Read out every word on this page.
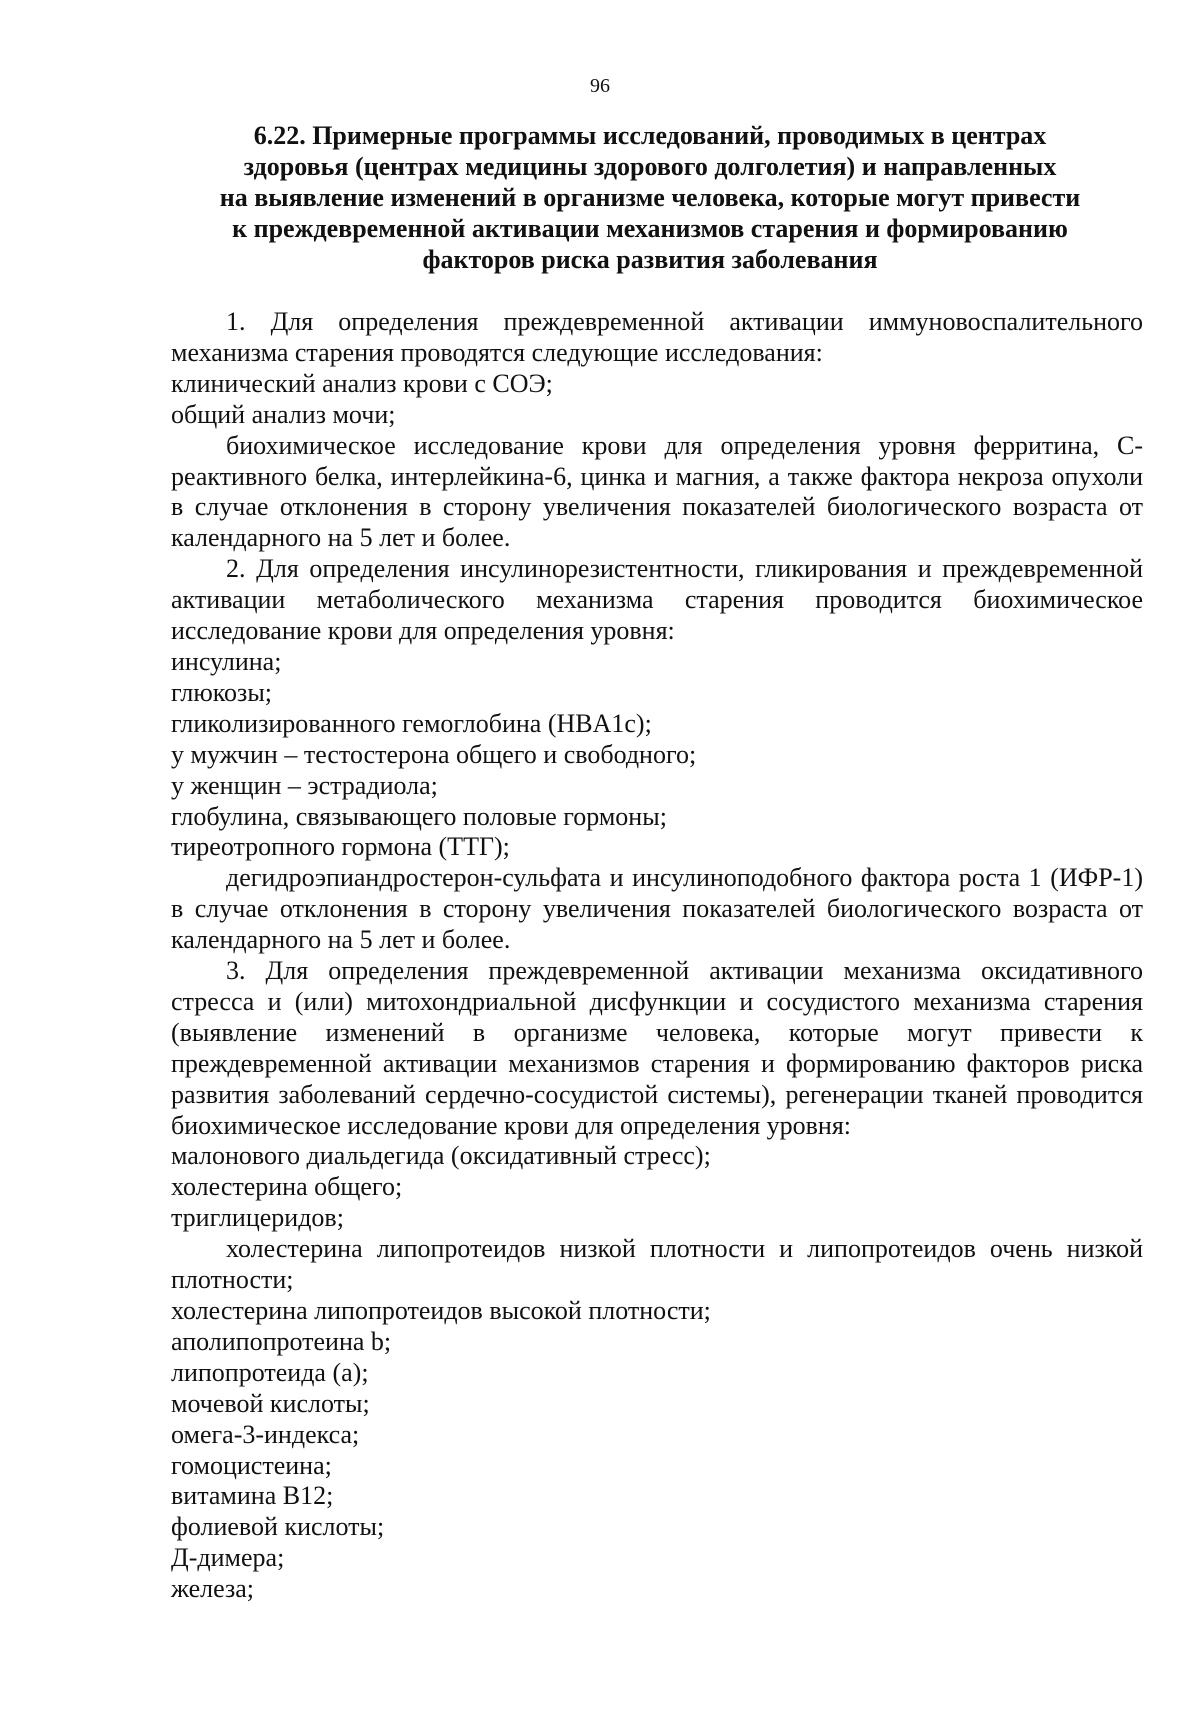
96
6.22. Примерные программы исследований, проводимых в центрах
здоровья (центрах медицины здорового долголетия) и направленных
на выявление изменений в организме человека, которые могут привести
к преждевременной активации механизмов старения и формированию
факторов риска развития заболевания

1. Для определения преждевременной активации иммуновоспалительного механизма старения проводятся следующие исследования:

клинический анализ крови с СОЭ;

общий анализ мочи;

биохимическое исследование крови для определения уровня ферритина, С-реактивного белка, интерлейкина-6, цинка и магния, а также фактора некроза опухоли в случае отклонения в сторону увеличения показателей биологического возраста от календарного на 5 лет и более.

2. Для определения инсулинорезистентности, гликирования и преждевременной активации метаболического механизма старения проводится биохимическое исследование крови для определения уровня:

инсулина;

глюкозы;

гликолизированного гемоглобина (HBA1c);

у мужчин – тестостерона общего и свободного;

у женщин – эстрадиола;

глобулина, связывающего половые гормоны;

тиреотропного гормона (ТТГ);

дегидроэпиандростерон-сульфата и инсулиноподобного фактора роста 1 (ИФР-1) в случае отклонения в сторону увеличения показателей биологического возраста от календарного на 5 лет и более.

3. Для определения преждевременной активации механизма оксидативного стресса и (или) митохондриальной дисфункции и сосудистого механизма старения (выявление изменений в организме человека, которые могут привести к преждевременной активации механизмов старения и формированию факторов риска развития заболеваний сердечно-сосудистой системы), регенерации тканей проводится биохимическое исследование крови для определения уровня:

малонового диальдегида (оксидативный стресс);

холестерина общего;

триглицеридов;

холестерина липопротеидов низкой плотности и липопротеидов очень низкой плотности;

холестерина липопротеидов высокой плотности;

аполипопротеина b;

липопротеида (а);

мочевой кислоты;

омега-3-индекса;

гомоцистеина;

витамина В12;

фолиевой кислоты;

Д-димера;

железа;
